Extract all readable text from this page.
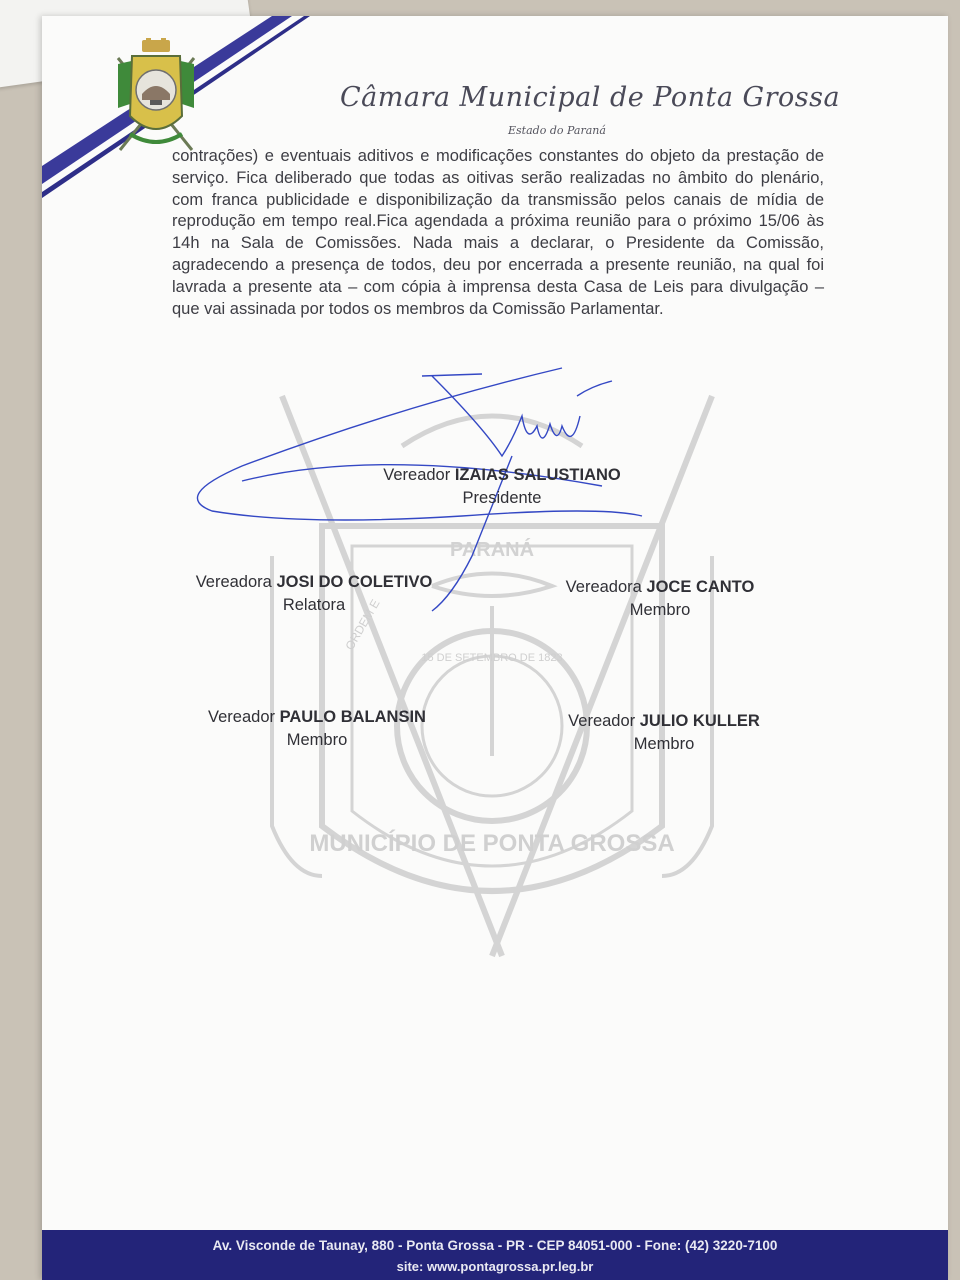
Câmara Municipal de Ponta Grossa
Estado do Paraná
PARANÁ
15 DE SETEMBRO DE 1823
ORDEM E
MUNICÍPIO DE PONTA GROSSA
contrações) e eventuais aditivos e modificações constantes do objeto da prestação de serviço. Fica deliberado que todas as oitivas serão realizadas no âmbito do plenário, com franca publicidade e disponibilização da transmissão pelos canais de mídia de reprodução em tempo real.Fica agendada a próxima reunião para o próximo 15/06 às 14h na Sala de Comissões. Nada mais a declarar, o Presidente da Comissão, agradecendo a presença de todos, deu por encerrada a presente reunião, na qual foi lavrada a presente ata – com cópia à imprensa desta Casa de Leis para divulgação – que vai assinada por todos os membros da Comissão Parlamentar.
Vereador IZAIAS SALUSTIANO
Presidente
Vereadora JOSI DO COLETIVO
Relatora
Vereadora JOCE CANTO
Membro
Vereador PAULO BALANSIN
Membro
Vereador JULIO KULLER
Membro
Av. Visconde de Taunay, 880 - Ponta Grossa - PR - CEP 84051-000 - Fone: (42) 3220-7100
site: www.pontagrossa.pr.leg.br
